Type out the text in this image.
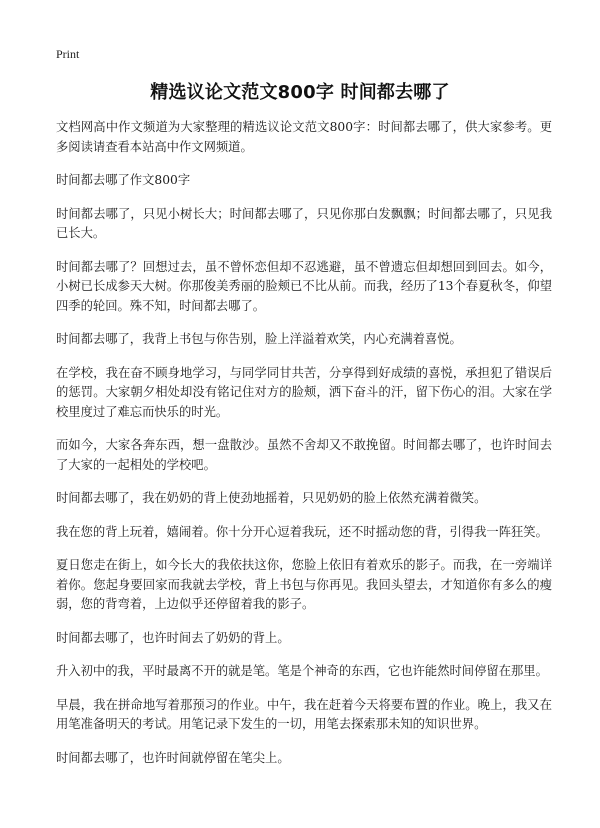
Print
精选议论文范文800字 时间都去哪了

文档网高中作文频道为大家整理的精选议论文范文800字：时间都去哪了，供大家参考。更多阅读请查看本站高中作文网频道。

时间都去哪了作文800字

时间都去哪了，只见小树长大；时间都去哪了，只见你那白发飘飘；时间都去哪了，只见我已长大。

时间都去哪了？回想过去，虽不曾怀恋但却不忍逃避，虽不曾遗忘但却想回到回去。如今，小树已长成参天大树。你那俊美秀丽的脸颊已不比从前。而我，经历了13个春夏秋冬，仰望四季的轮回。殊不知，时间都去哪了。

时间都去哪了，我背上书包与你告别，脸上洋溢着欢笑，内心充满着喜悦。

在学校，我在奋不顾身地学习，与同学同甘共苦，分享得到好成绩的喜悦，承担犯了错误后的惩罚。大家朝夕相处却没有铭记住对方的脸颊，洒下奋斗的汗，留下伤心的泪。大家在学校里度过了难忘而快乐的时光。

而如今，大家各奔东西，想一盘散沙。虽然不舍却又不敢挽留。时间都去哪了，也许时间去了大家的一起相处的学校吧。

时间都去哪了，我在奶奶的背上使劲地摇着，只见奶奶的脸上依然充满着微笑。

我在您的背上玩着，嬉闹着。你十分开心逗着我玩，还不时摇动您的背，引得我一阵狂笑。

夏日您走在街上，如今长大的我依扶这你，您脸上依旧有着欢乐的影子。而我，在一旁端详着你。您起身要回家而我就去学校，背上书包与你再见。我回头望去，才知道你有多么的瘦弱，您的背弯着，上边似乎还停留着我的影子。

时间都去哪了，也许时间去了奶奶的背上。

升入初中的我，平时最离不开的就是笔。笔是个神奇的东西，它也许能然时间停留在那里。

早晨，我在拼命地写着那预习的作业。中午，我在赶着今天将要布置的作业。晚上，我又在用笔准备明天的考试。用笔记录下发生的一切，用笔去探索那未知的知识世界。

时间都去哪了，也许时间就停留在笔尖上。
